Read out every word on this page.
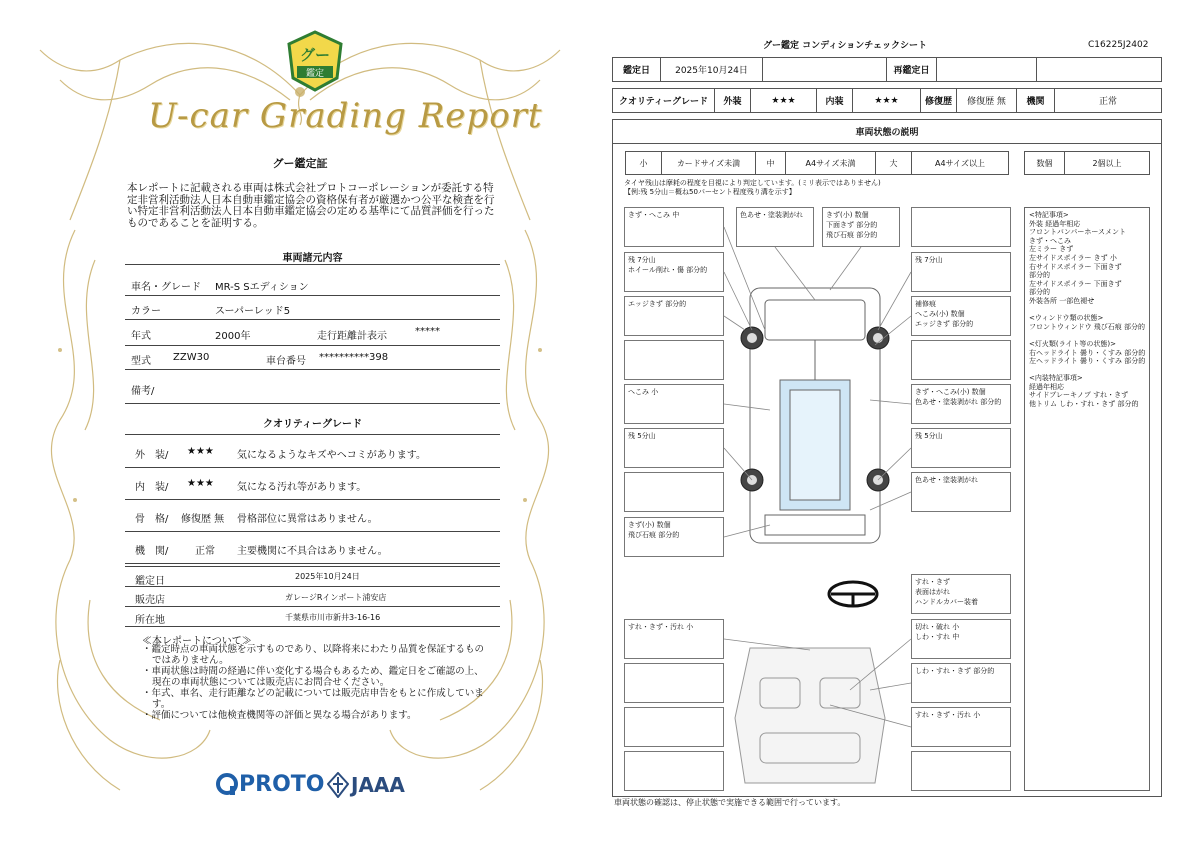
グー
鑑定
U-car Grading Report
グー鑑定証
本レポートに記載される車両は株式会社プロトコーポレーションが委託する特定非営利活動法人日本自動車鑑定協会の資格保有者が厳選かつ公平な検査を行い特定非営利活動法人日本自動車鑑定協会の定める基準にて品質評価を行ったものであることを証明する。
車両諸元内容
車名・グレード MR-S Sエディション
カラー	スーパーレッド5
年式	2000年	走行距離計表示	*****
型式 ZZW30	車台番号 **********398
備考/
クオリティーグレード
外　装/ ★★★ 気になるようなキズやヘコミがあります。
内　装/ ★★★ 気になる汚れ等があります。
骨　格/ 修復歴 無 骨格部位に異常はありません。
機　関/	正常 主要機関に不具合はありません。
鑑定日	2025年10月24日
販売店	ガレージRインポート浦安店
所在地	千葉県市川市新井3-16-16
≪本レポートについて≫
・鑑定時点の車両状態を示すものであり、以降将来にわたり品質を保証するものではありません。
・車両状態は時間の経過に伴い変化する場合もあるため、鑑定日をご確認の上、現在の車両状態については販売店にお問合せください。
・年式、車名、走行距離などの記載については販売店申告をもとに作成しています。
・評価については他検査機関等の評価と異なる場合があります。
PROTO JAAA
グー鑑定 コンディションチェックシート	C16225J2402
鑑定日	2025年10月24日	再鑑定日
クオリティーグレード	外装	★★★	内装	★★★	修復歴	修復歴 無	機関	正常
車両状態の説明
小	カードサイズ未満	中	A4サイズ未満	大	A4サイズ以上	数個	2個以上
タイヤ残山は摩耗の程度を目視により判定しています。(ミリ表示ではありません)
【例:残 5分山＝概ね50パーセント程度残り溝を示す】
きず・へこみ 中	色あせ・塗装剥がれ	きず(小) 数個
下面きず 部分的
飛び石痕 部分的
残 7分山
ホイール削れ・傷 部分的
残 7分山
エッジきず 部分的	補修痕
へこみ(小) 数個
エッジきず 部分的
へこみ 小	きず・へこみ(小) 数個
色あせ・塗装剥がれ 部分的
残 5分山	残 5分山
色あせ・塗装剥がれ
きず(小) 数個
飛び石痕 部分的
すれ・きず
表面はがれ
ハンドルカバー装着
すれ・きず・汚れ 小	切れ・破れ 小
しわ・すれ 中
しわ・すれ・きず 部分的
すれ・きず・汚れ 小

<特記事項>

外装 経過年相応

フロントバンパーホースメント

きず・へこみ

左ミラー きず

左サイドスポイラー きず 小

右サイドスポイラー 下面きず

部分的

左サイドスポイラー 下面きず

部分的

外装各所 一部色褪せ

<ウィンドウ類の状態>

フロントウィンドウ 飛び石痕 部分的

<灯火類(ライト等の状態)>

右ヘッドライト 曇り・くすみ 部分的

左ヘッドライト 曇り・くすみ 部分的

<内装特記事項>

経過年相応

サイドブレーキノブ すれ・きず

他トリム しわ・すれ・きず 部分的

車両状態の確認は、停止状態で実施できる範囲で行っています。
